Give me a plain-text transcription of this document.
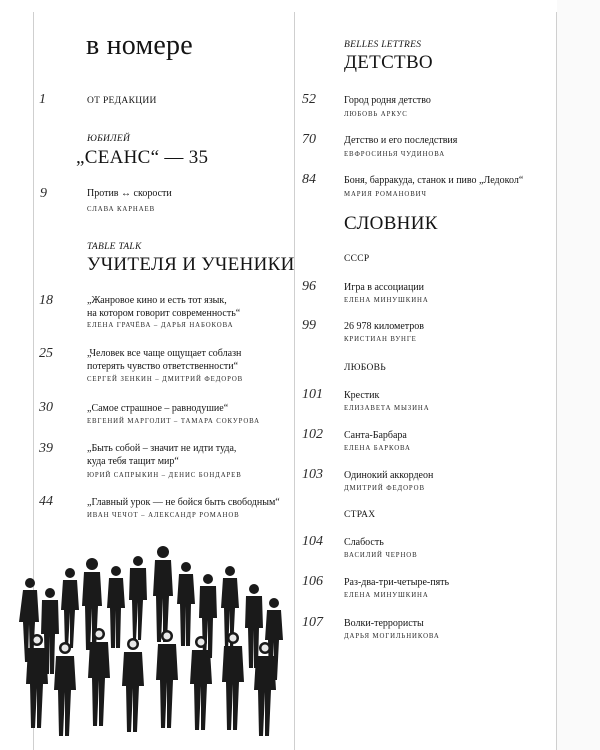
в номере
1	ОТ РЕДАКЦИИ
ЮБИЛЕЙ
„СЕАНС“ — 35
9	Против ↔ скорости
СЛАВА КАРНАЕВ
TABLE TALK
УЧИТЕЛЯ И УЧЕНИКИ
18	„Жанровое кино и есть тот язык,
на котором говорит современность“
ЕЛЕНА ГРАЧЁВА – ДАРЬЯ НАБОКОВА
25	„Человек все чаще ощущает соблазн
потерять чувство ответственности“
СЕРГЕЙ ЗЕНКИН – ДМИТРИЙ ФЕДОРОВ
30	„Самое страшное – равнодушие“
ЕВГЕНИЙ МАРГОЛИТ – ТАМАРА СОКУРОВА
39	„Быть собой – значит не идти туда,
куда тебя тащит мир“
ЮРИЙ САПРЫКИН – ДЕНИС БОНДАРЕВ
44	„Главный урок — не бойся быть свободным“
ИВАН ЧЕЧОТ – АЛЕКСАНДР РОМАНОВ
BELLES LETTRES
ДЕТСТВО
52	Город родня детство
ЛЮБОВЬ АРКУС
70	Детство и его последствия
ЕВФРОСИНЬЯ ЧУДИНОВА
84	Боня, барракуда, станок и пиво „Ледокол“
МАРИЯ РОМАНОВИЧ
СЛОВНИК
СССР
96	Игра в ассоциации
ЕЛЕНА МИНУШКИНА
99	26 978 километров
КРИСТИАН ВУНГЕ
ЛЮБОВЬ
101 Крестик
ЕЛИЗАВЕТА МЫЗИНА
102 Санта-Барбара
ЕЛЕНА БАРКОВА
103 Одинокий аккордеон
ДМИТРИЙ ФЕДОРОВ
СТРАХ
104 Слабость
ВАСИЛИЙ ЧЕРНОВ
106 Раз-два-три-четыре-пять
ЕЛЕНА МИНУШКИНА
107 Волки-террористы
ДАРЬЯ МОГИЛЬНИКОВА
